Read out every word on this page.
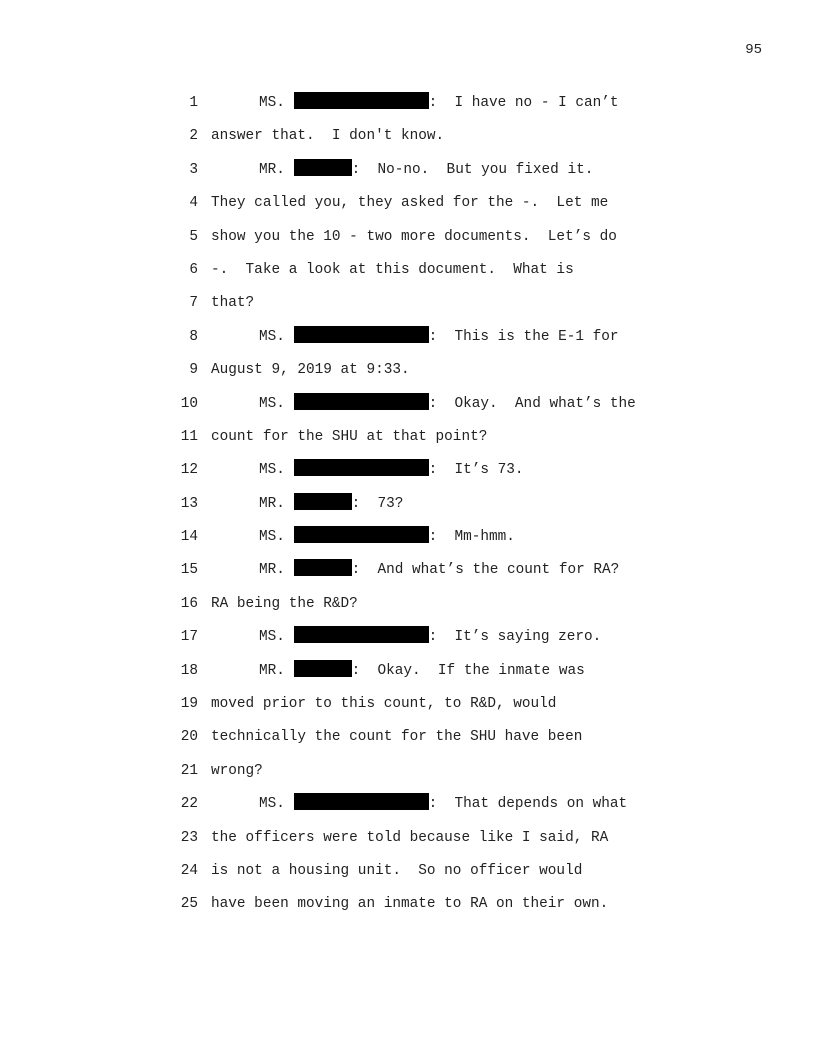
95
1	MS.	:  I have no - I can’t
2 answer that.  I don't know.
3	MR.	:  No-no.  But you fixed it.
4 They called you, they asked for the -.  Let me
5 show you the 10 - two more documents.  Let’s do
6 -.  Take a look at this document.  What is
7 that?
8	MS.	:  This is the E-1 for
9 August 9, 2019 at 9:33.
10	MS.	:  Okay.  And what’s the
11 count for the SHU at that point?
12	MS.	:  It’s 73.
13	MR.	:  73?
14	MS.	:  Mm-hmm.
15	MR.	:  And what’s the count for RA?
16 RA being the R&D?
17	MS.	:  It’s saying zero.
18	MR.	:  Okay.  If the inmate was
19 moved prior to this count, to R&D, would
20 technically the count for the SHU have been
21 wrong?
22	MS.	:  That depends on what
23 the officers were told because like I said, RA
24 is not a housing unit.  So no officer would
25 have been moving an inmate to RA on their own.
